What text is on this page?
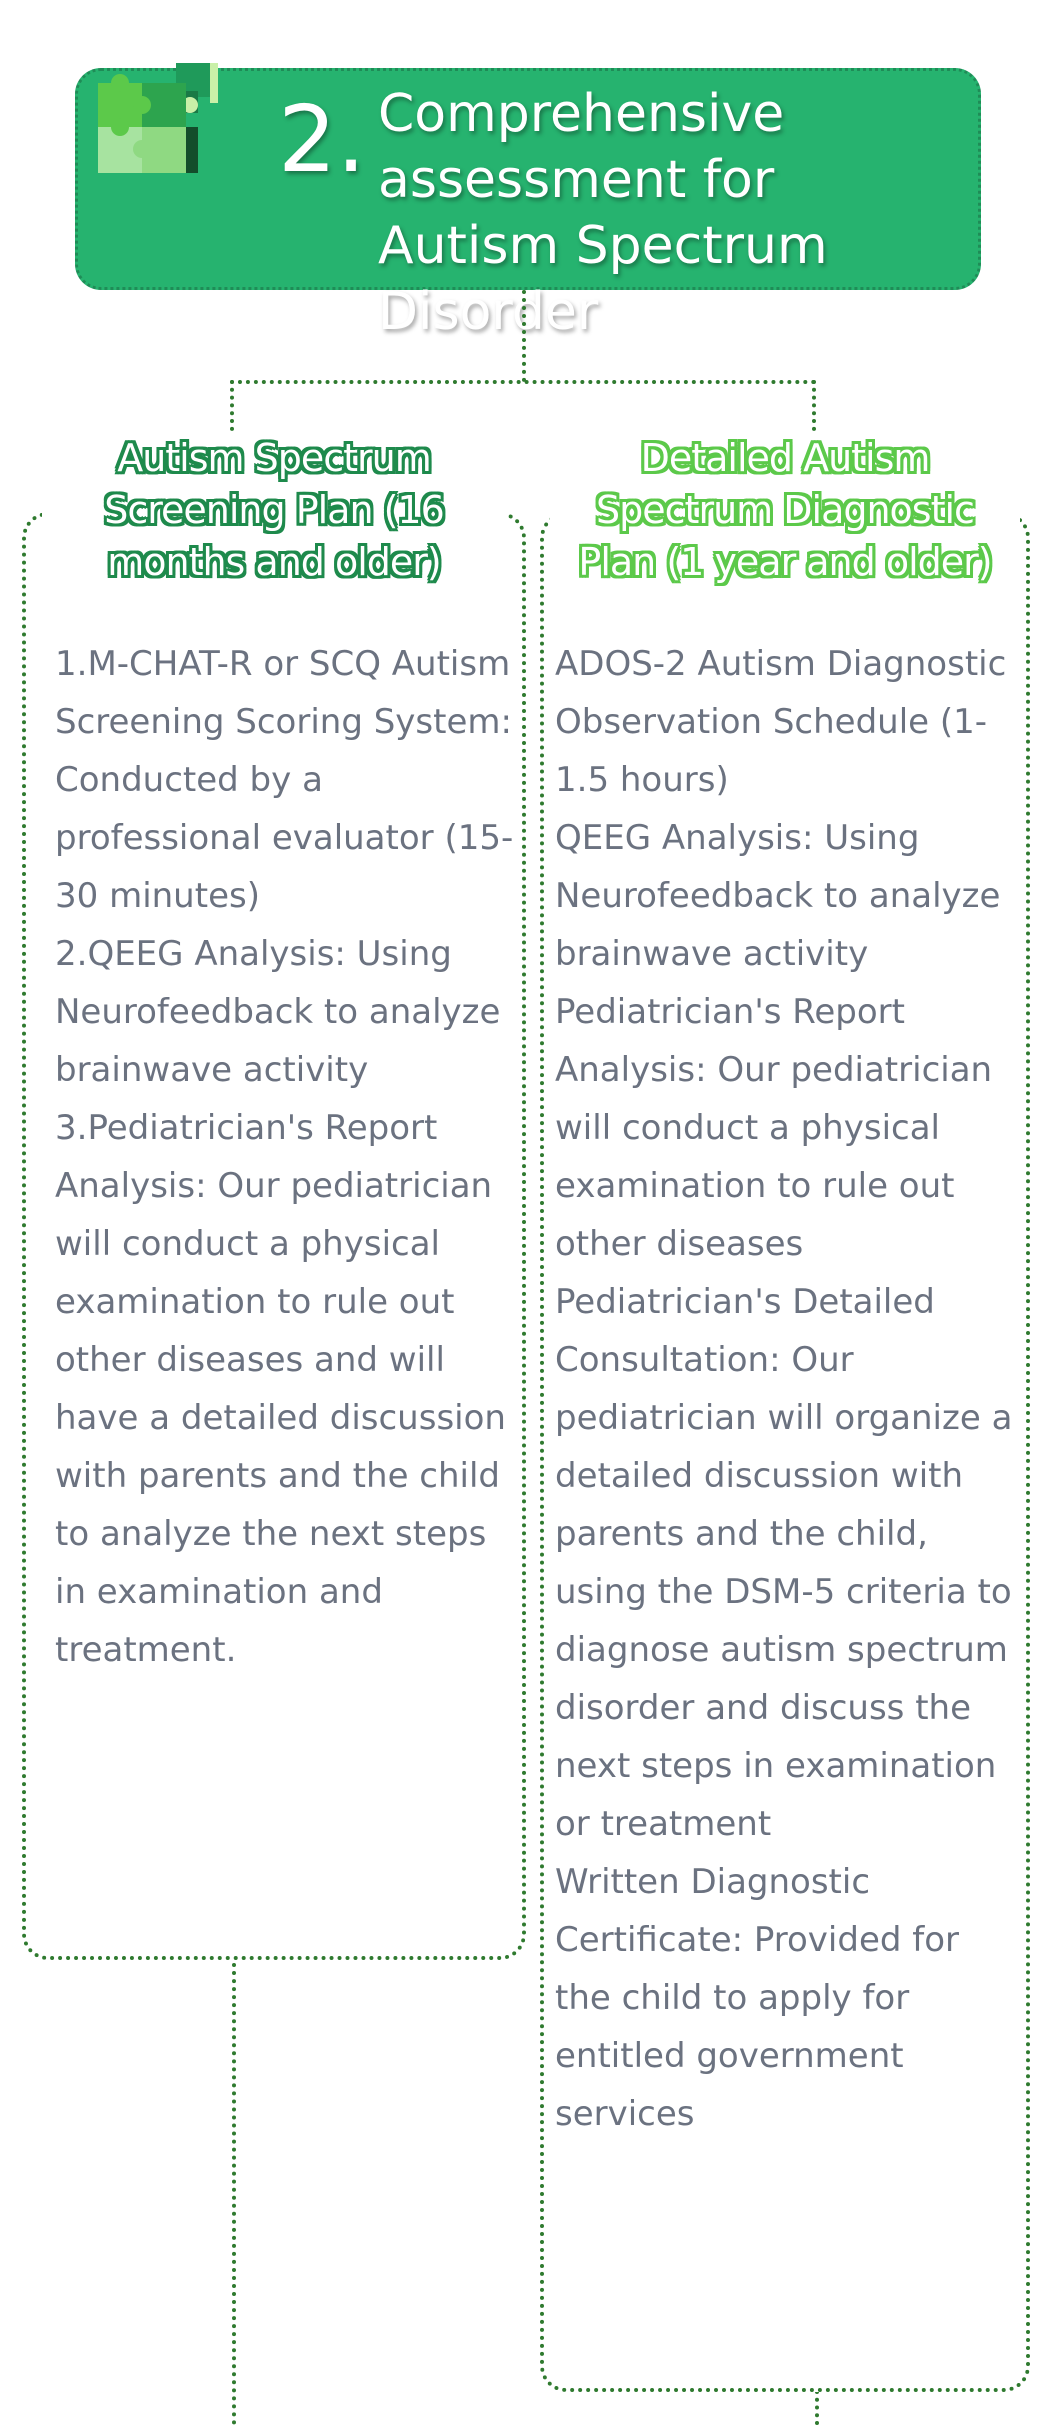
2. Comprehensive assessment for Autism Spectrum Disorder
Autism Spectrum Screening Plan (16 months and older)
1.M-CHAT-R or SCQ Autism Screening Scoring System: Conducted by a professional evaluator (15-30 minutes)
2.QEEG Analysis: Using Neurofeedback to analyze brainwave activity
3.Pediatrician's Report Analysis: Our pediatrician will conduct a physical examination to rule out other diseases and will have a detailed discussion with parents and the child to analyze the next steps in examination and treatment.
Detailed Autism Spectrum Diagnostic Plan (1 year and older)
ADOS-2 Autism Diagnostic Observation Schedule (1-1.5 hours)
QEEG Analysis: Using Neurofeedback to analyze brainwave activity
Pediatrician's Report Analysis: Our pediatrician will conduct a physical examination to rule out other diseases
Pediatrician's Detailed Consultation: Our pediatrician will organize a detailed discussion with parents and the child, using the DSM-5 criteria to diagnose autism spectrum disorder and discuss the next steps in examination or treatment
Written Diagnostic Certificate: Provided for the child to apply for entitled government services
